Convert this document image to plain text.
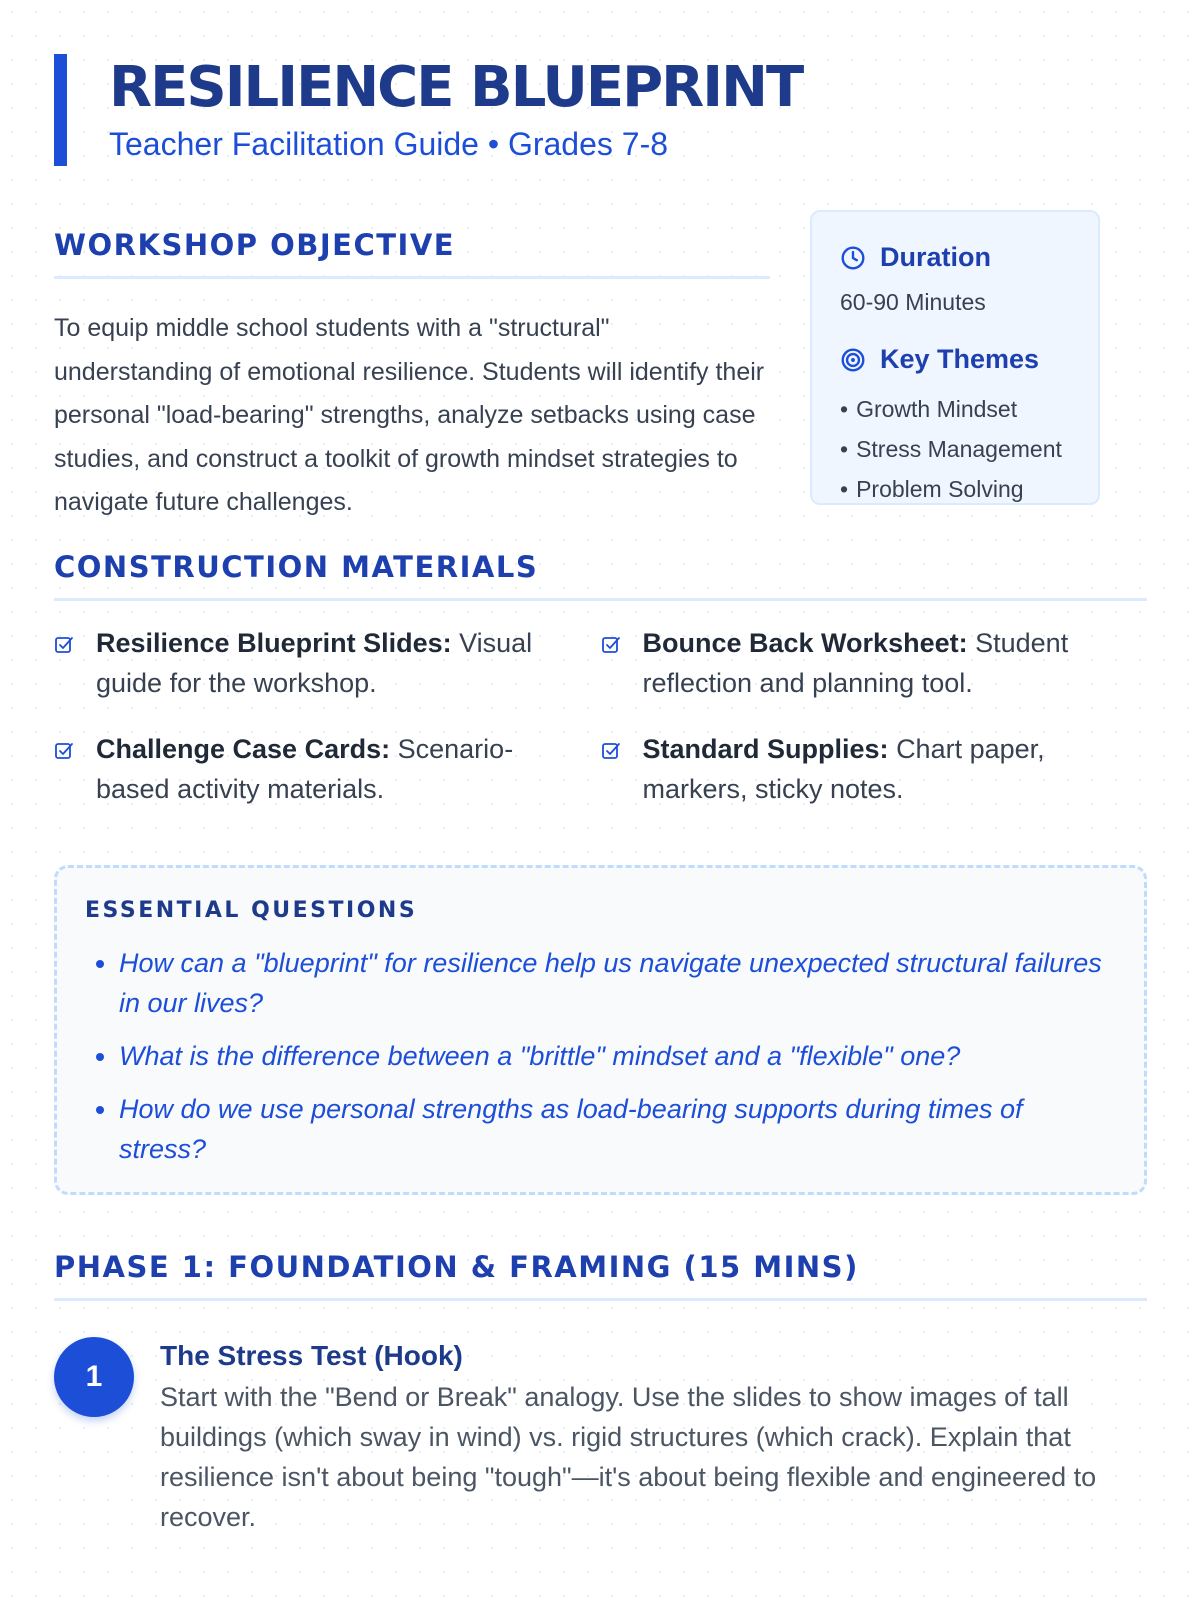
RESILIENCE BLUEPRINT

Teacher Facilitation Guide • Grades 7-8

WORKSHOP OBJECTIVE

To equip middle school students with a "structural" understanding of emotional resilience. Students will identify their personal "load-bearing" strengths, analyze setbacks using case studies, and construct a toolkit of growth mindset strategies to navigate future challenges.

Duration
60-90 Minutes
Key Themes
• Growth Mindset
• Stress Management
• Problem Solving
CONSTRUCTION MATERIALS
Resilience Blueprint Slides: Visual guide for the workshop.
Bounce Back Worksheet: Student reflection and planning tool.
Challenge Case Cards: Scenario-based activity materials.
Standard Supplies: Chart paper, markers, sticky notes.
ESSENTIAL QUESTIONS
• How can a "blueprint" for resilience help us navigate unexpected structural failures in our lives?
• What is the difference between a "brittle" mindset and a "flexible" one?
• How do we use personal strengths as load-bearing supports during times of stress?
PHASE 1: FOUNDATION & FRAMING (15 MINS)
1

The Stress Test (Hook)

Start with the "Bend or Break" analogy. Use the slides to show images of tall buildings (which sway in wind) vs. rigid structures (which crack). Explain that resilience isn't about being "tough"—it's about being flexible and engineered to recover.
